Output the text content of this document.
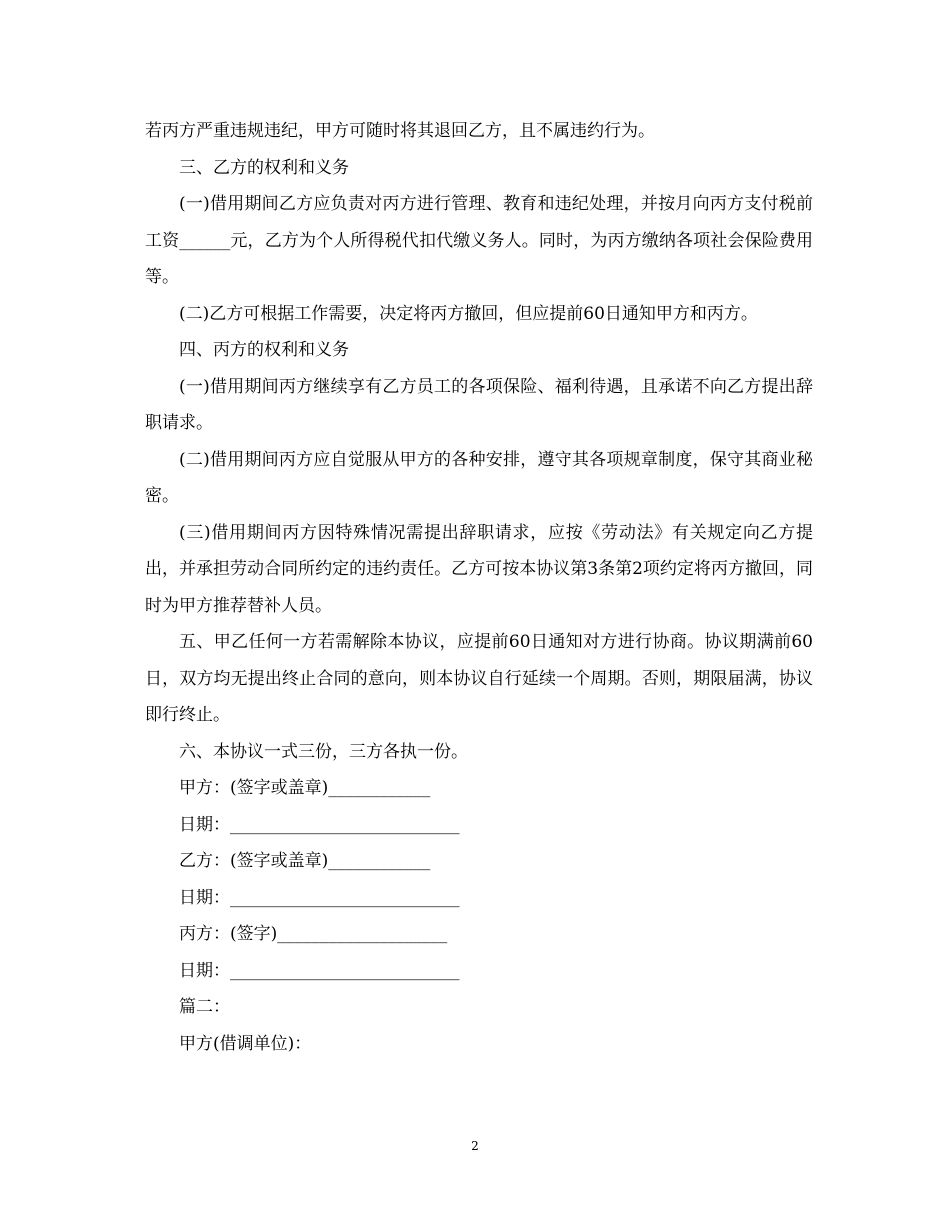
若丙方严重违规违纪，甲方可随时将其退回乙方，且不属违约行为。

三、乙方的权利和义务

(一)借用期间乙方应负责对丙方进行管理、教育和违纪处理，并按月向丙方支付税前工资______元，乙方为个人所得税代扣代缴义务人。同时，为丙方缴纳各项社会保险费用等。

(二)乙方可根据工作需要，决定将丙方撤回，但应提前60日通知甲方和丙方。

四、丙方的权利和义务

(一)借用期间丙方继续享有乙方员工的各项保险、福利待遇，且承诺不向乙方提出辞职请求。

(二)借用期间丙方应自觉服从甲方的各种安排，遵守其各项规章制度，保守其商业秘密。

(三)借用期间丙方因特殊情况需提出辞职请求，应按《劳动法》有关规定向乙方提出，并承担劳动合同所约定的违约责任。乙方可按本协议第3条第2项约定将丙方撤回，同时为甲方推荐替补人员。

五、甲乙任何一方若需解除本协议，应提前60日通知对方进行协商。协议期满前60日，双方均无提出终止合同的意向，则本协议自行延续一个周期。否则，期限届满，协议即行终止。

六、本协议一式三份，三方各执一份。

甲方：(签字或盖章)____________

日期：___________________________

乙方：(签字或盖章)____________

日期：___________________________

丙方：(签字)____________________

日期：___________________________

篇二：

甲方(借调单位)：

2
